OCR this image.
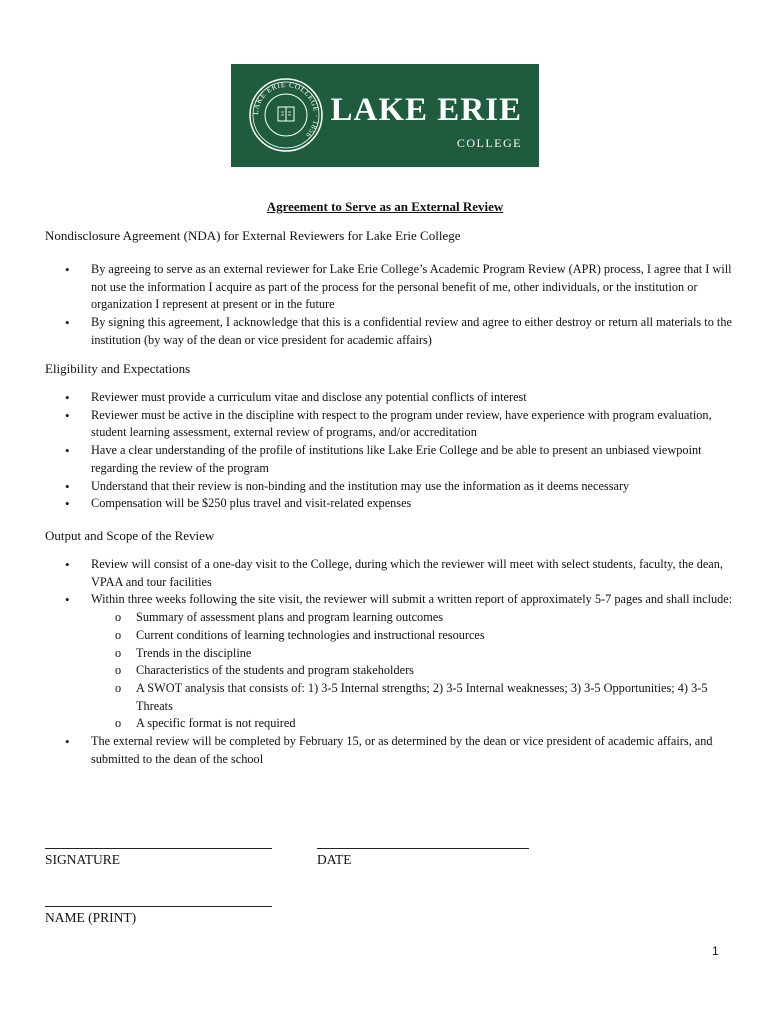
LAKE ERIE COLLEGE · 1856
LAKE ERIE
COLLEGE
Agreement to Serve as an External Review
Nondisclosure Agreement (NDA) for External Reviewers for Lake Erie College
• By agreeing to serve as an external reviewer for Lake Erie College’s Academic Program Review (APR) process, I agree that I will not use the information I acquire as part of the process for the personal benefit of me, other individuals, or the institution or organization I represent at present or in the future
• By signing this agreement, I acknowledge that this is a confidential review and agree to either destroy or return all materials to the institution (by way of the dean or vice president for academic affairs)
Eligibility and Expectations
• Reviewer must provide a curriculum vitae and disclose any potential conflicts of interest
• Reviewer must be active in the discipline with respect to the program under review, have experience with program evaluation, student learning assessment, external review of programs, and/or accreditation
• Have a clear understanding of the profile of institutions like Lake Erie College and be able to present an unbiased viewpoint regarding the review of the program
• Understand that their review is non-binding and the institution may use the information as it deems necessary
• Compensation will be $250 plus travel and visit-related expenses
Output and Scope of the Review
• Review will consist of a one-day visit to the College, during which the reviewer will meet with select students, faculty, the dean, VPAA and tour facilities
• Within three weeks following the site visit, the reviewer will submit a written report of approximately 5-7 pages and shall include:
o Summary of assessment plans and program learning outcomes
o Current conditions of learning technologies and instructional resources
o Trends in the discipline
o Characteristics of the students and program stakeholders
o A SWOT analysis that consists of: 1) 3-5 Internal strengths; 2) 3-5 Internal weaknesses; 3) 3-5 Opportunities; 4) 3-5 Threats
o A specific format is not required
• The external review will be completed by February 15, or as determined by the dean or vice president of academic affairs, and submitted to the dean of the school
SIGNATURE	DATE
NAME (PRINT)
1
